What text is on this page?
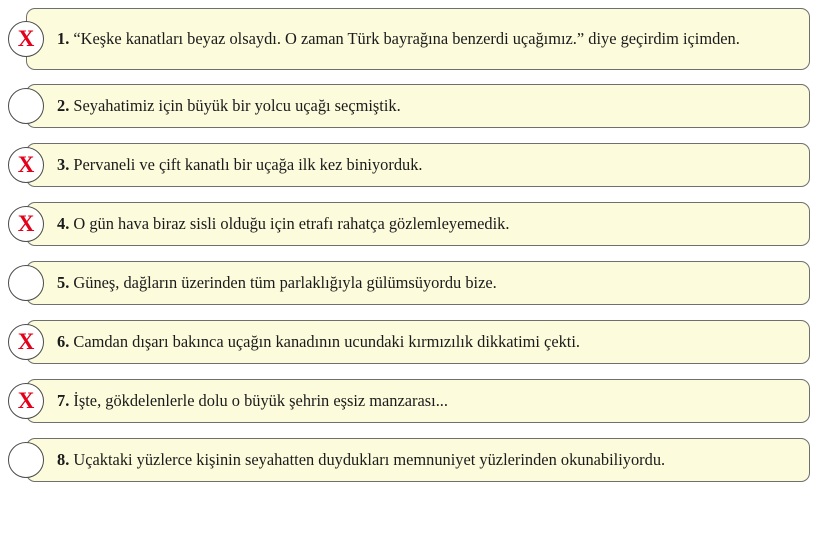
X 1. “Keşke kanatları beyaz olsaydı. O zaman Türk bayrağına benzerdi uçağımız.” diye geçirdim içimden.
2. Seyahatimiz için büyük bir yolcu uçağı seçmiştik.
X 3. Pervaneli ve çift kanatlı bir uçağa ilk kez biniyorduk.
X 4. O gün hava biraz sisli olduğu için etrafı rahatça gözlemleyemedik.
5. Güneş, dağların üzerinden tüm parlaklığıyla gülümsüyordu bize.
X 6. Camdan dışarı bakınca uçağın kanadının ucundaki kırmızılık dikkatimi çekti.
X 7. İşte, gökdelenlerle dolu o büyük şehrin eşsiz manzarası...
8. Uçaktaki yüzlerce kişinin seyahatten duydukları memnuniyet yüzlerinden okunabiliyordu.
